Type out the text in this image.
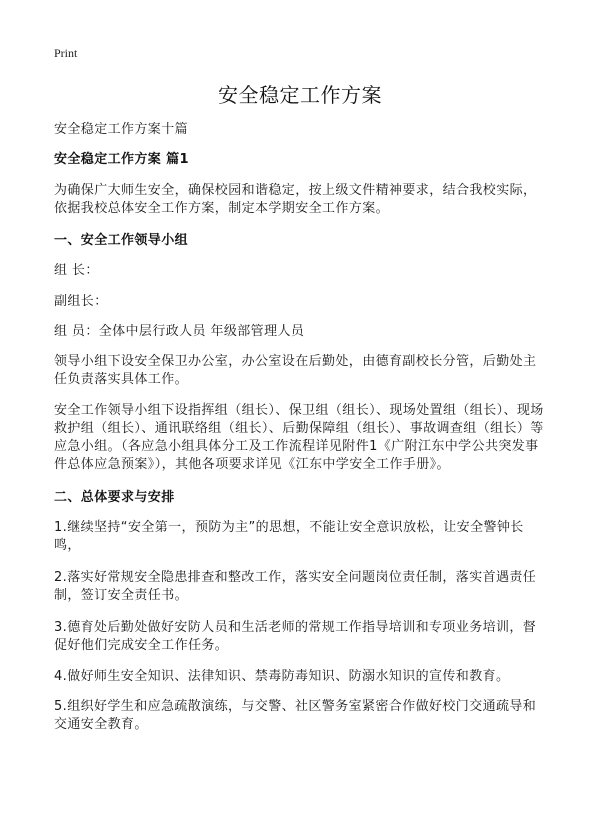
Print
安全稳定工作方案
安全稳定工作方案十篇
安全稳定工作方案 篇1
为确保广大师生安全，确保校园和谐稳定，按上级文件精神要求，结合我校实际，依据我校总体安全工作方案，制定本学期安全工作方案。
一、安全工作领导小组
组 长：
副组长：
组 员：全体中层行政人员 年级部管理人员
领导小组下设安全保卫办公室，办公室设在后勤处，由德育副校长分管，后勤处主任负责落实具体工作。
安全工作领导小组下设指挥组（组长）、保卫组（组长）、现场处置组（组长）、现场救护组（组长）、通讯联络组（组长）、后勤保障组（组长）、事故调查组（组长）等应急小组。（各应急小组具体分工及工作流程详见附件1《广附江东中学公共突发事件总体应急预案》），其他各项要求详见《江东中学安全工作手册》。
二、总体要求与安排
1.继续坚持“安全第一，预防为主”的思想，不能让安全意识放松，让安全警钟长鸣，
2.落实好常规安全隐患排查和整改工作，落实安全问题岗位责任制，落实首遇责任制，签订安全责任书。
3.德育处后勤处做好安防人员和生活老师的常规工作指导培训和专项业务培训，督促好他们完成安全工作任务。
4.做好师生安全知识、法律知识、禁毒防毒知识、防溺水知识的宣传和教育。
5.组织好学生和应急疏散演练，与交警、社区警务室紧密合作做好校门交通疏导和交通安全教育。
